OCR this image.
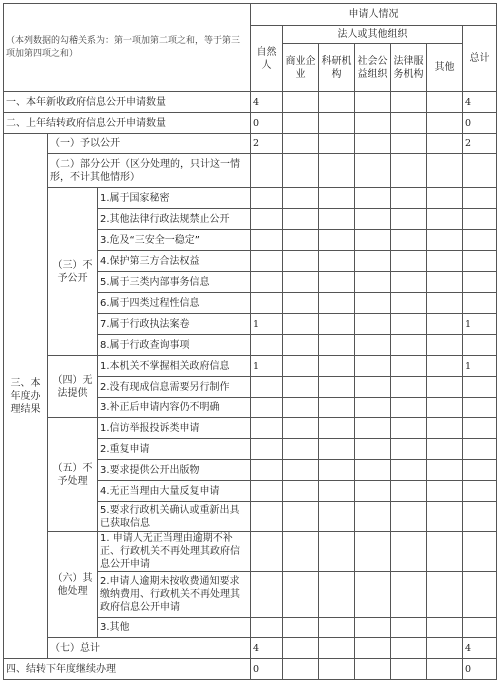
（本列数据的勾稽关系为：第一项加第二项之和，等于第三项加第四项之和）			申请人情况						
			自然人	法人或其他组织					总计
				商业企业	科研机构	社会公益组织	法律服务机构	其他	
一、本年新收政府信息公开申请数量			4						4
二、上年结转政府信息公开申请数量			0						0
三、本年度办理结果	（一）予以公开		2						2
	（二）部分公开（区分处理的，只计这一情形，不计其他情形）								
	（三）不予公开	1.属于国家秘密							
		2.其他法律行政法规禁止公开							
		3.危及“三安全一稳定”							
		4.保护第三方合法权益							
		5.属于三类内部事务信息							
		6.属于四类过程性信息							
		7.属于行政执法案卷	1						1
		8.属于行政查询事项							
	（四）无法提供	1.本机关不掌握相关政府信息	1						1
		2.没有现成信息需要另行制作							
		3.补正后申请内容仍不明确							
	（五）不予处理	1.信访举报投诉类申请							
		2.重复申请							
		3.要求提供公开出版物							
		4.无正当理由大量反复申请							
		5.要求行政机关确认或重新出具已获取信息							
	（六）其他处理	1. 申请人无正当理由逾期不补正、行政机关不再处理其政府信息公开申请							
		2.申请人逾期未按收费通知要求缴纳费用、行政机关不再处理其政府信息公开申请							
		3.其他							
	（七）总计		4						4
四、结转下年度继续办理			0						0
